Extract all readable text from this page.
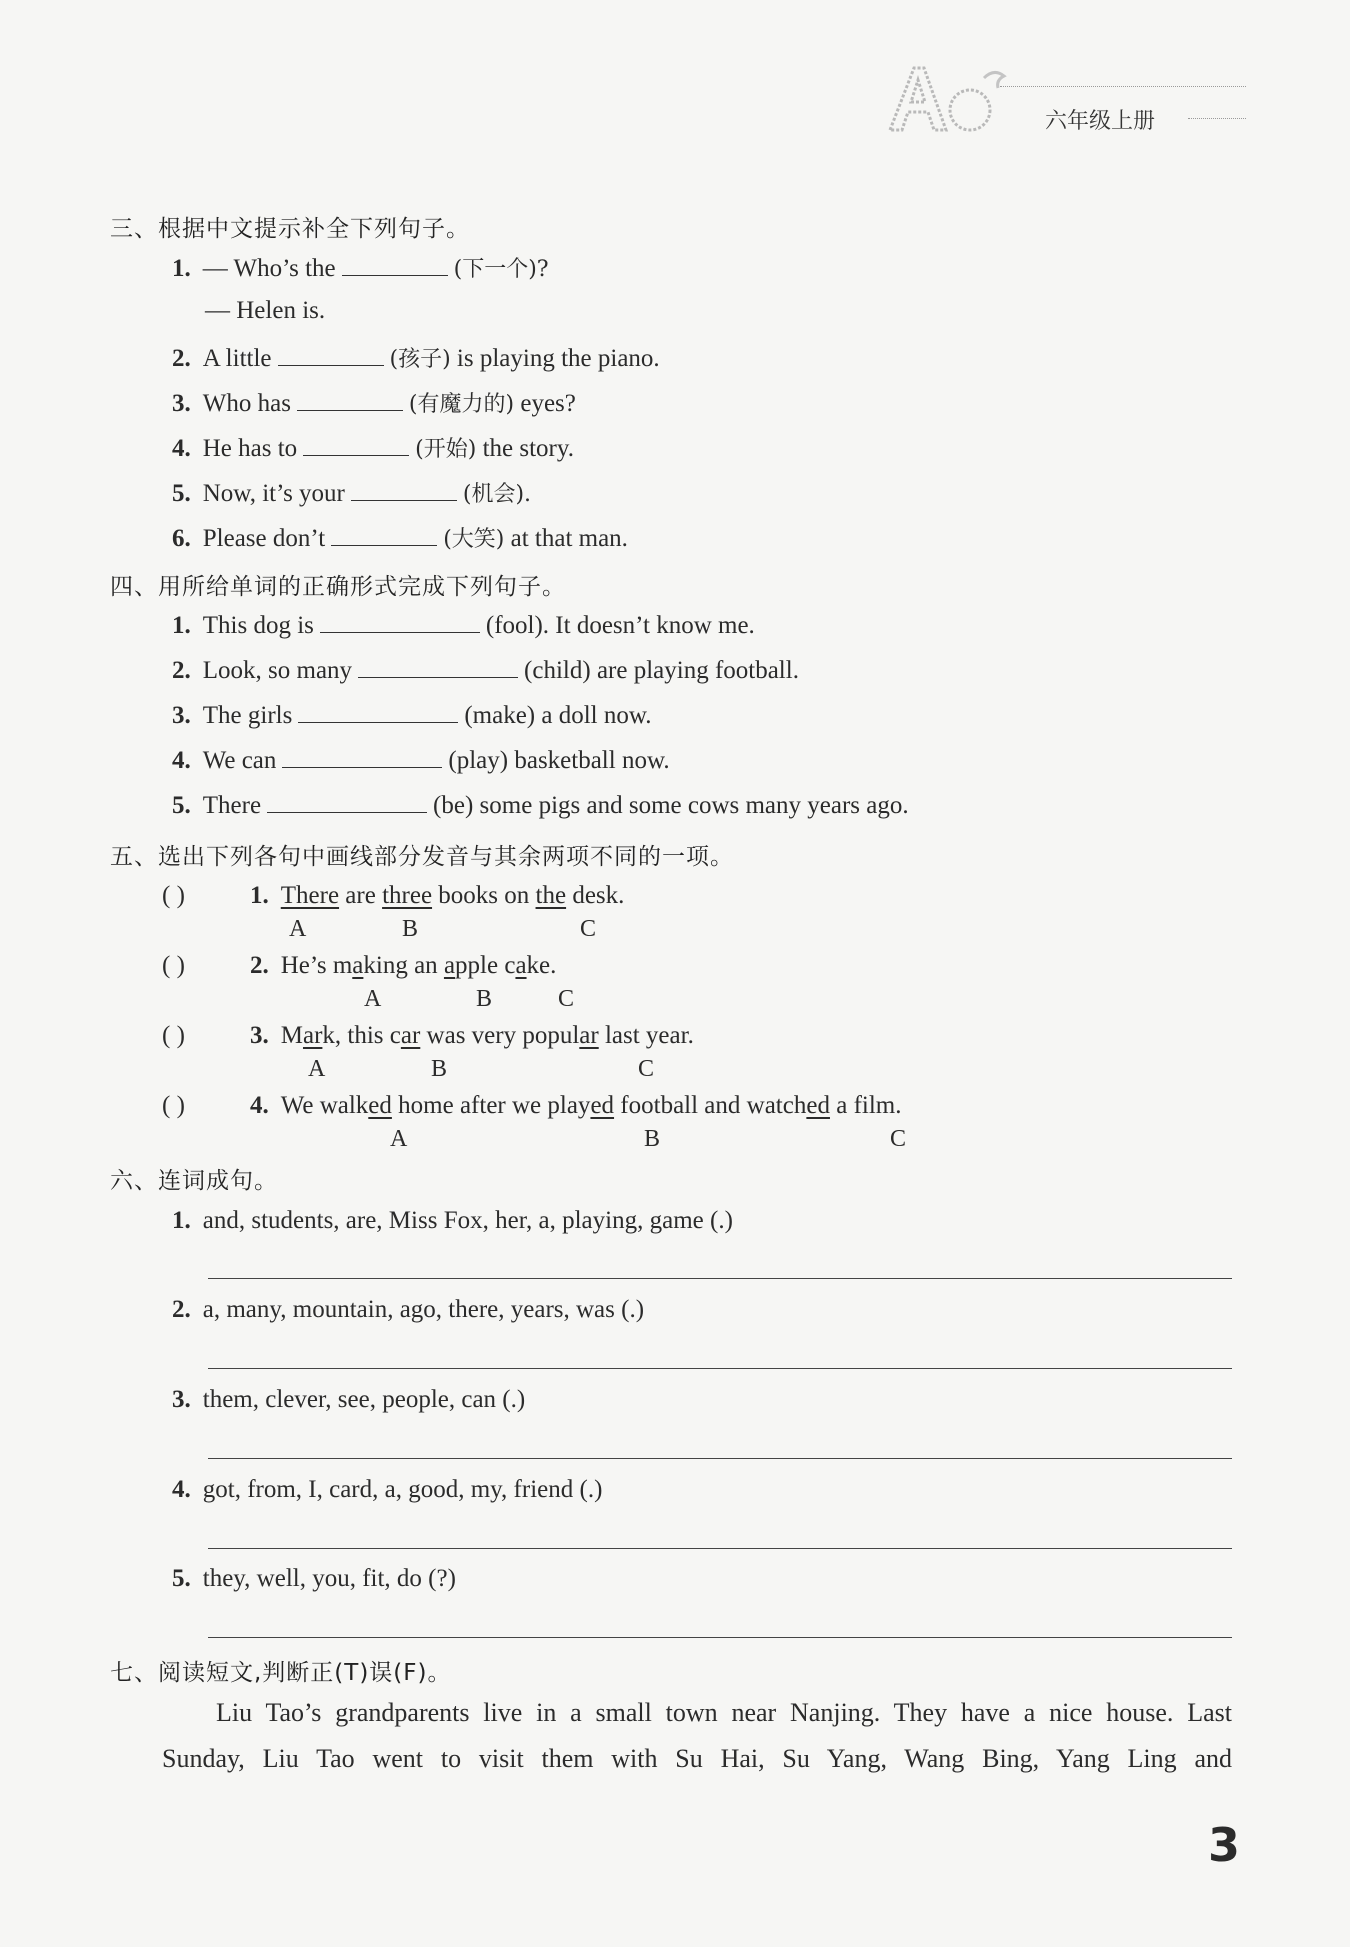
六年级上册
三、根据中文提示补全下列句子。
1. — Who’s the	(下一个)?
— Helen is.
2. A little	(孩子) is playing the piano.
3. Who has	(有魔力的) eyes?
4. He has to	(开始) the story.
5. Now, it’s your	(机会).
6. Please don’t	(大笑) at that man.
四、用所给单词的正确形式完成下列句子。
1. This dog is	(fool). It doesn’t know me.
2. Look, so many	(child) are playing football.
3. The girls	(make) a doll now.
4. We can	(play) basketball now.
5. There	(be) some pigs and some cows many years ago.
五、选出下列各句中画线部分发音与其余两项不同的一项。
( )	1. There are three books on the desk.
A	B	C
( )	2. He’s making an apple cake.
A	B	C
( )	3. Mark, this car was very popular last year.
A	B	C
( )	4. We walked home after we played football and watched a film.
A	B	C
六、连词成句。
1. and, students, are, Miss Fox, her, a, playing, game (.)
2. a, many, mountain, ago, there, years, was (.)
3. them, clever, see, people, can (.)
4. got, from, I, card, a, good, my, friend (.)
5. they, well, you, fit, do (?)
七、阅读短文,判断正(T)误(F)。
Liu Tao’s grandparents live in a small town near Nanjing. They have a nice house. Last
Sunday, Liu Tao went to visit them with Su Hai, Su Yang, Wang Bing, Yang Ling and
3
